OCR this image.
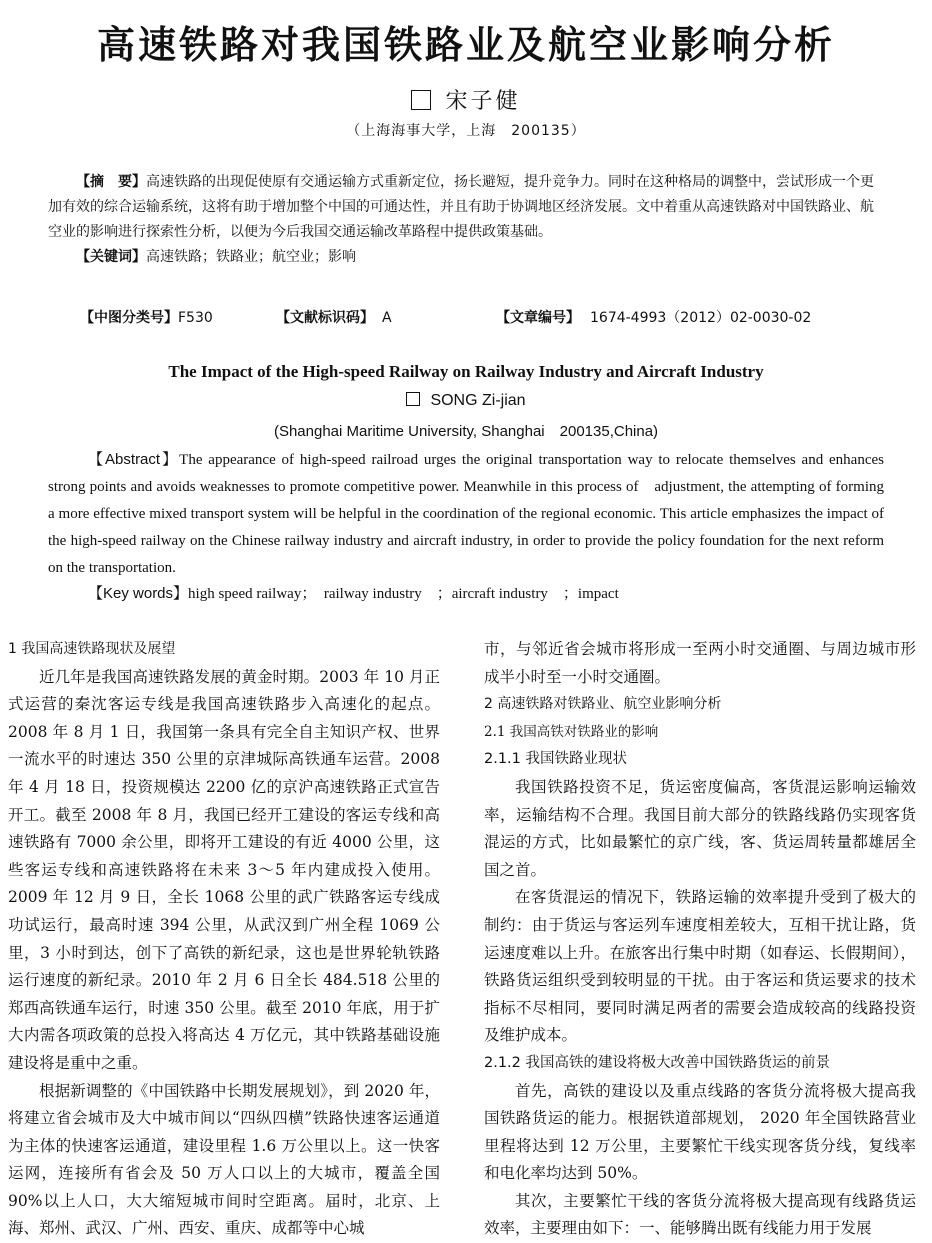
高速铁路对我国铁路业及航空业影响分析
宋子健
（上海海事大学，上海　200135）

【摘　要】高速铁路的出现促使原有交通运输方式重新定位，扬长避短，提升竞争力。同时在这种格局的调整中，尝试形成一个更加有效的综合运输系统，这将有助于增加整个中国的可通达性，并且有助于协调地区经济发展。文中着重从高速铁路对中国铁路业、航空业的影响进行探索性分析，以便为今后我国交通运输改革路程中提供政策基础。

【关键词】高速铁路；铁路业；航空业；影响

【中图分类号】F530	【文献标识码】 A	【文章编号】 1674-4993（2012）02-0030-02
The Impact of the High-speed Railway on Railway Industry and Aircraft Industry
SONG Zi-jian
(Shanghai Maritime University, Shanghai　200135,China)

【Abstract】The appearance of high-speed railroad urges the original transportation way to relocate themselves and enhances strong points and avoids weaknesses to promote competitive power. Meanwhile in this process of　adjustment, the attempting of forming a more effective mixed transport system will be helpful in the coordination of the regional economic. This article emphasizes the impact of the high-speed railway on the Chinese railway industry and aircraft industry, in order to provide the policy foundation for the next reform on the transportation.

【Key words】high speed railway；　railway industry　；aircraft industry　；impact

1 我国高速铁路现状及展望

近几年是我国高速铁路发展的黄金时期。2003 年 10 月正式运营的秦沈客运专线是我国高速铁路步入高速化的起点。2008 年 8 月 1 日，我国第一条具有完全自主知识产权、世界一流水平的时速达 350 公里的京津城际高铁通车运营。2008 年 4 月 18 日，投资规模达 2200 亿的京沪高速铁路正式宣告开工。截至 2008 年 8 月，我国已经开工建设的客运专线和高速铁路有 7000 余公里，即将开工建设的有近 4000 公里，这些客运专线和高速铁路将在未来 3～5 年内建成投入使用。2009 年 12 月 9 日，全长 1068 公里的武广铁路客运专线成功试运行，最高时速 394 公里，从武汉到广州全程 1069 公里，3 小时到达，创下了高铁的新纪录，这也是世界轮轨铁路运行速度的新纪录。2010 年 2 月 6 日全长 484.518 公里的郑西高铁通车运行，时速 350 公里。截至 2010 年底，用于扩大内需各项政策的总投入将高达 4 万亿元，其中铁路基础设施建设将是重中之重。

根据新调整的《中国铁路中长期发展规划》，到 2020 年，将建立省会城市及大中城市间以“四纵四横”铁路快速客运通道为主体的快速客运通道，建设里程 1.6 万公里以上。这一快客运网，连接所有省会及 50 万人口以上的大城市，覆盖全国 90%以上人口，大大缩短城市间时空距离。届时，北京、上海、郑州、武汉、广州、西安、重庆、成都等中心城

市，与邻近省会城市将形成一至两小时交通圈、与周边城市形成半小时至一小时交通圈。

2 高速铁路对铁路业、航空业影响分析

2.1 我国高铁对铁路业的影响

2.1.1 我国铁路业现状

我国铁路投资不足，货运密度偏高，客货混运影响运输效率，运输结构不合理。我国目前大部分的铁路线路仍实现客货混运的方式，比如最繁忙的京广线，客、货运周转量都雄居全国之首。

在客货混运的情况下，铁路运输的效率提升受到了极大的制约：由于货运与客运列车速度相差较大，互相干扰让路，货运速度难以上升。在旅客出行集中时期（如春运、长假期间），铁路货运组织受到较明显的干扰。由于客运和货运要求的技术指标不尽相同，要同时满足两者的需要会造成较高的线路投资及维护成本。

2.1.2 我国高铁的建设将极大改善中国铁路货运的前景

首先，高铁的建设以及重点线路的客货分流将极大提高我国铁路货运的能力。根据铁道部规划， 2020 年全国铁路营业里程将达到 12 万公里，主要繁忙干线实现客货分线，复线率和电化率均达到 50%。

其次，主要繁忙干线的客货分流将极大提高现有线路货运效率，主要理由如下：一、能够腾出既有线能力用于发展
